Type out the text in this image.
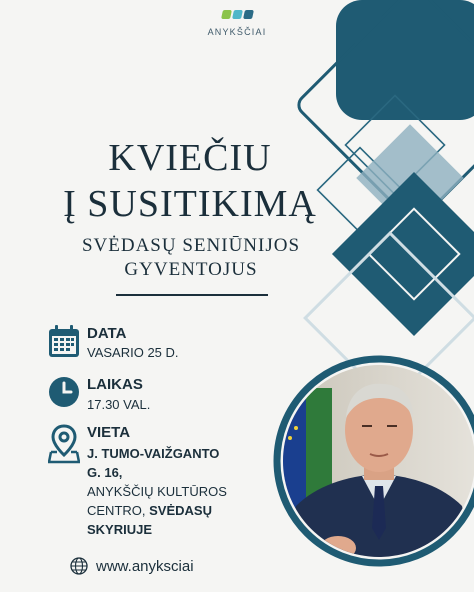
ANYKŠČIAI
KVIEČIU
Į SUSITIKIMĄ
SVĖDASŲ SENIŪNIJOS
GYVENTOJUS
DATA
VASARIO 25 D.
LAIKAS
17.30 VAL.
VIETA
J. TUMO-VAIŽGANTO
G. 16,
ANYKŠČIŲ KULTŪROS
CENTRO, SVĖDASŲ
SKYRIUJE
www.anyksciai
